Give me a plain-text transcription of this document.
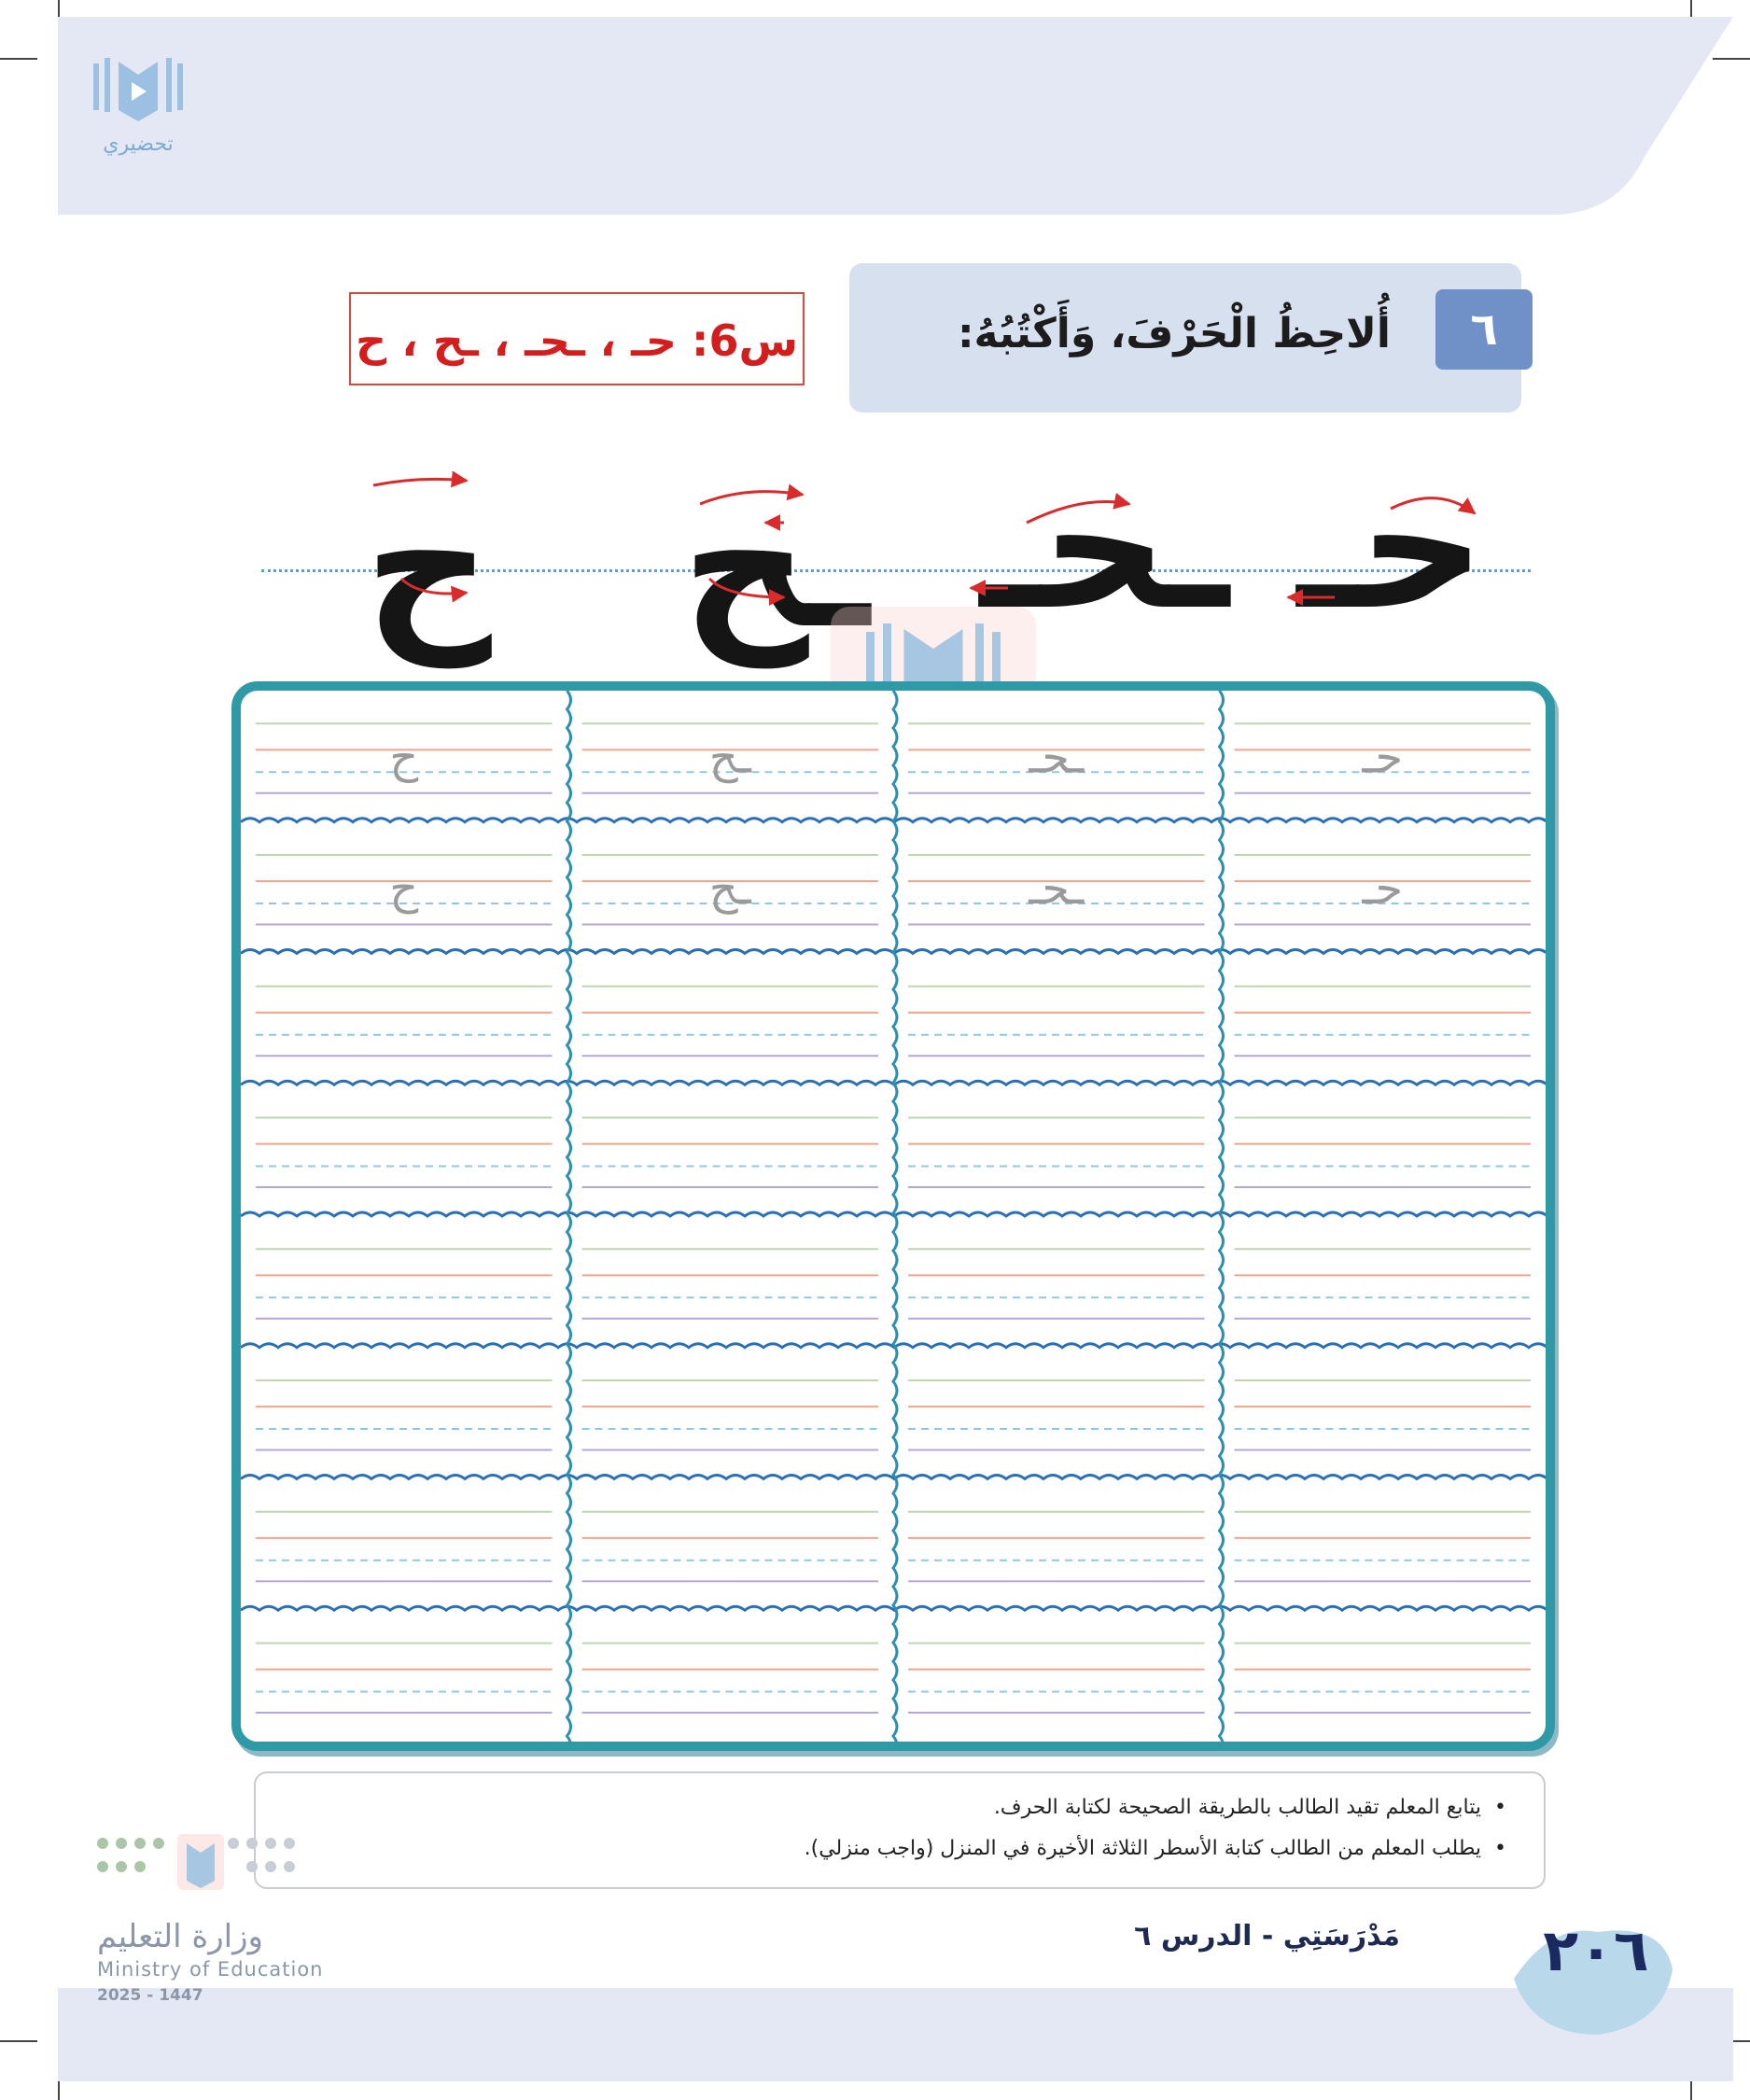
تحضيري
٦
أُلاحِظُ الْحَرْفَ، وَأَكْتُبُهُ:
س6: حـ ، ـحـ ، ـح ، ح
حـ
ـحـ
ـح
ح
حـ
ـحـ
ـح
ح
حـ
ـحـ
ـح
ح
• يتابع المعلم تقيد الطالب بالطريقة الصحيحة لكتابة الحرف.
• يطلب المعلم من الطالب كتابة الأسطر الثلاثة الأخيرة في المنزل (واجب منزلي).
٢٠٦
مَدْرَسَتِي - الدرس ٦
وزارة التعليم
Ministry of Education
2025 - 1447
